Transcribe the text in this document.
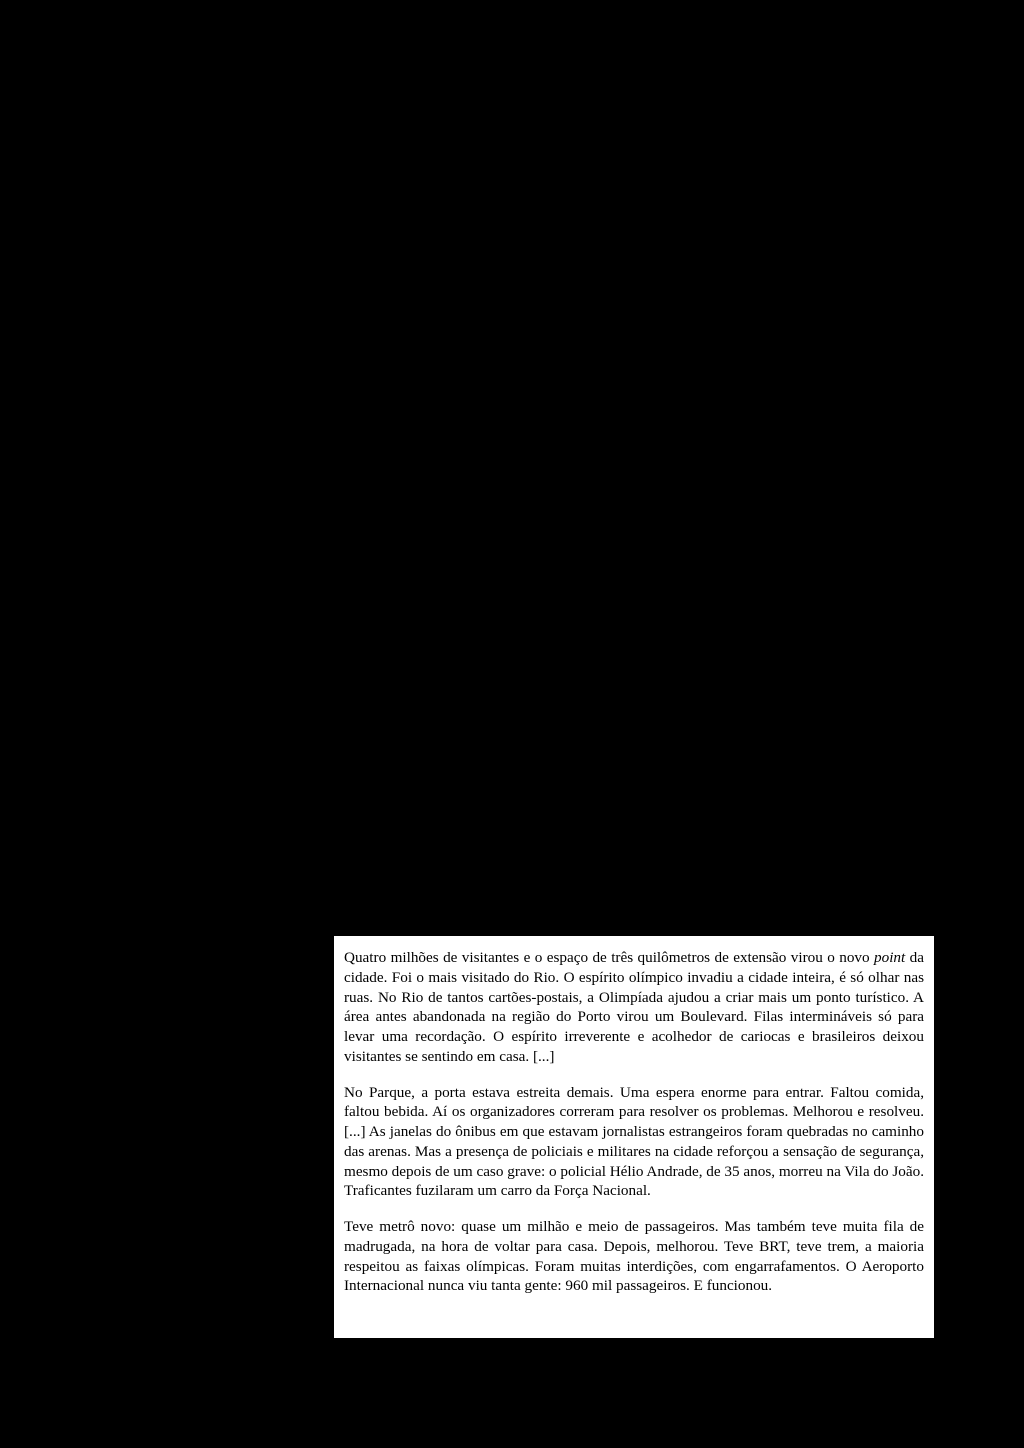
Quatro milhões de visitantes e o espaço de três quilômetros de extensão virou o novo point da cidade. Foi o mais visitado do Rio. O espírito olímpico invadiu a cidade inteira, é só olhar nas ruas. No Rio de tantos cartões-postais, a Olimpíada ajudou a criar mais um ponto turístico. A área antes abandonada na região do Porto virou um Boulevard. Filas intermináveis só para levar uma recordação. O espírito irreverente e acolhedor de cariocas e brasileiros deixou visitantes se sentindo em casa. [...]

No Parque, a porta estava estreita demais. Uma espera enorme para entrar. Faltou comida, faltou bebida. Aí os organizadores correram para resolver os problemas. Melhorou e resolveu. [...] As janelas do ônibus em que estavam jornalistas estrangeiros foram quebradas no caminho das arenas. Mas a presença de policiais e militares na cidade reforçou a sensação de segurança, mesmo depois de um caso grave: o policial Hélio Andrade, de 35 anos, morreu na Vila do João. Traficantes fuzilaram um carro da Força Nacional.

Teve metrô novo: quase um milhão e meio de passageiros. Mas também teve muita fila de madrugada, na hora de voltar para casa. Depois, melhorou. Teve BRT, teve trem, a maioria respeitou as faixas olímpicas. Foram muitas interdições, com engarrafamentos. O Aeroporto Internacional nunca viu tanta gente: 960 mil passageiros. E funcionou.
